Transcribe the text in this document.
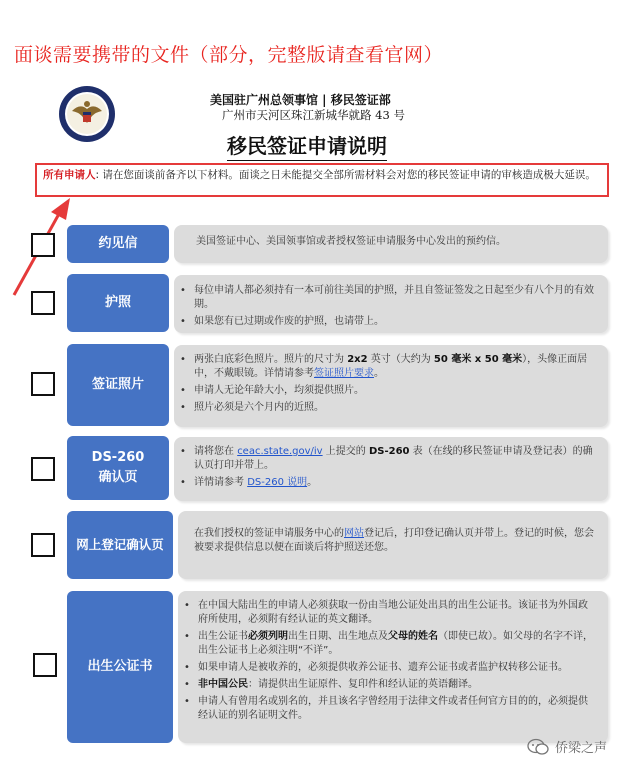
面谈需要携带的文件（部分，完整版请查看官网）
美国驻广州总领事馆 | 移民签证部
广州市天河区珠江新城华就路 43 号
移民签证申请说明
所有申请人: 请在您面谈前备齐以下材料。面谈之日未能提交全部所需材料会对您的移民签证申请的审核造成极大延误。
约见信	美国签证中心、美国领事馆或者授权签证申请服务中心发出的预约信。

护照
• 每位申请人都必须持有一本可前往美国的护照，并且自签证签发之日起至少有八个月的有效期。
• 如果您有已过期或作废的护照，也请带上。
签证照片
• 两张白底彩色照片。照片的尺寸为 2x2 英寸（大约为 50 毫米 x 50 毫米），头像正面居中，不戴眼镜。详情请参考签证照片要求。
• 申请人无论年龄大小，均须提供照片。
• 照片必须是六个月内的近照。
DS-260
确认页
• 请将您在 ceac.state.gov/iv 上提交的 DS-260 表（在线的移民签证申请及登记表）的确认页打印并带上。
• 详情请参考 DS-260 说明。
网上登记确认页

在我们授权的签证申请服务中心的网站登记后，打印登记确认页并带上。登记的时候，您会被要求提供信息以便在面谈后将护照送还您。

出生公证书
• 在中国大陆出生的申请人必须获取一份由当地公证处出具的出生公证书。该证书为外国政府所使用，必须附有经认证的英文翻译。
• 出生公证书必须列明出生日期、出生地点及父母的姓名（即使已故）。如父母的名字不详，出生公证书上必须注明“不详”。
• 如果申请人是被收养的，必须提供收养公证书、遗弃公证书或者监护权转移公证书。
• 非中国公民：请提供出生证原件、复印件和经认证的英语翻译。
• 申请人有曾用名或别名的，并且该名字曾经用于法律文件或者任何官方目的的，必须提供经认证的别名证明文件。
侨梁之声
